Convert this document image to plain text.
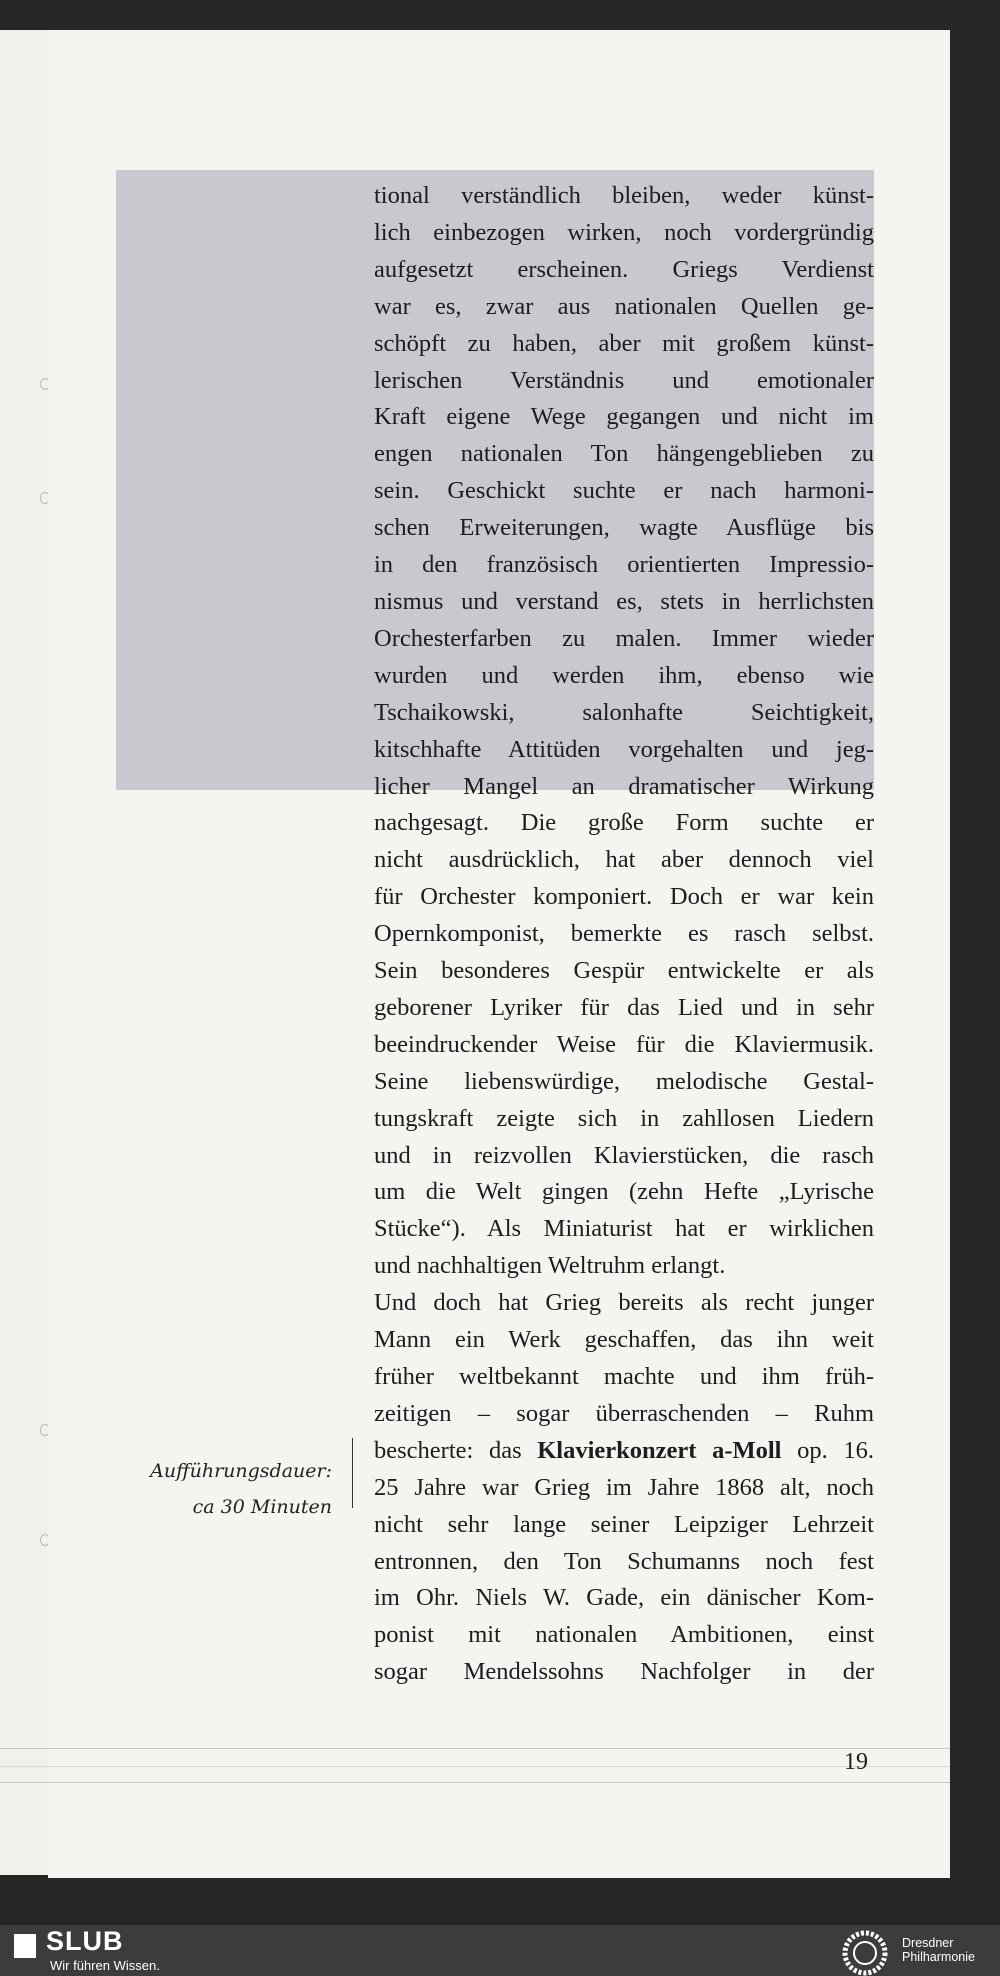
tional verständlich bleiben, weder künst-
lich einbezogen wirken, noch vordergründig
aufgesetzt erscheinen. Griegs Verdienst
war es, zwar aus nationalen Quellen ge-
schöpft zu haben, aber mit großem künst-
lerischen Verständnis und emotionaler
Kraft eigene Wege gegangen und nicht im
engen nationalen Ton hängengeblieben zu
sein. Geschickt suchte er nach harmoni-
schen Erweiterungen, wagte Ausflüge bis
in den französisch orientierten Impressio-
nismus und verstand es, stets in herrlichsten
Orchesterfarben zu malen. Immer wieder
wurden und werden ihm, ebenso wie
Tschaikowski, salonhafte Seichtigkeit,
kitschhafte Attitüden vorgehalten und jeg-
licher Mangel an dramatischer Wirkung
nachgesagt. Die große Form suchte er
nicht ausdrücklich, hat aber dennoch viel
für Orchester komponiert. Doch er war kein
Opernkomponist, bemerkte es rasch selbst.
Sein besonderes Gespür entwickelte er als
geborener Lyriker für das Lied und in sehr
beeindruckender Weise für die Klaviermusik.
Seine liebenswürdige, melodische Gestal-
tungskraft zeigte sich in zahllosen Liedern
und in reizvollen Klavierstücken, die rasch
um die Welt gingen (zehn Hefte „Lyrische
Stücke“). Als Miniaturist hat er wirklichen
und nachhaltigen Weltruhm erlangt.
Und doch hat Grieg bereits als recht junger
Mann ein Werk geschaffen, das ihn weit
früher weltbekannt machte und ihm früh-
zeitigen – sogar überraschenden – Ruhm
bescherte: das Klavierkonzert a-Moll op. 16.
25 Jahre war Grieg im Jahre 1868 alt, noch
nicht sehr lange seiner Leipziger Lehrzeit
entronnen, den Ton Schumanns noch fest
im Ohr. Niels W. Gade, ein dänischer Kom-
ponist mit nationalen Ambitionen, einst
sogar Mendelssohns Nachfolger in der
Aufführungsdauer:
ca 30 Minuten
19
SLUB
Wir führen Wissen.
Dresdner
Philharmonie
